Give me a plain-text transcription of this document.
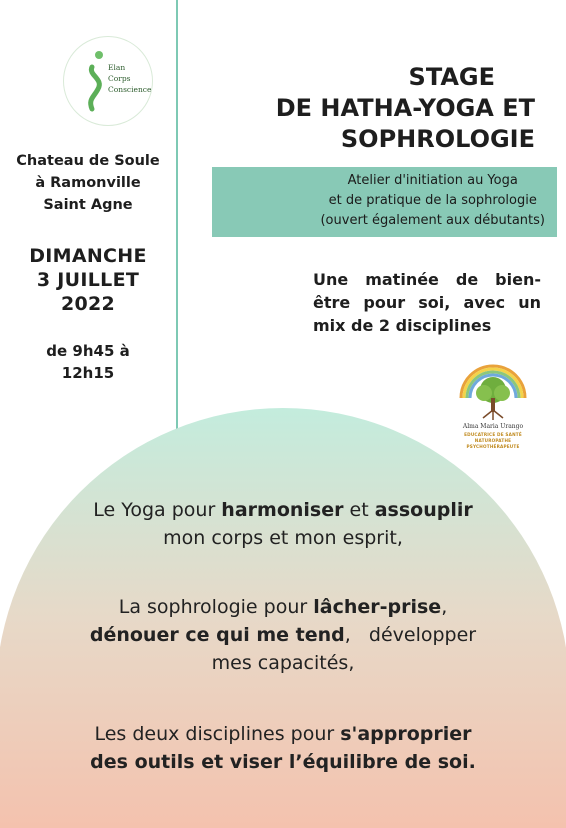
Elan
Corps
Conscience
Chateau de Soule
à Ramonville
Saint Agne
DIMANCHE
3 JUILLET
2022
de 9h45 à
12h15
STAGE
DE HATHA-YOGA ET
SOPHROLOGIE
Atelier d'initiation au Yoga
et de pratique de la sophrologie
(ouvert également aux débutants)
Une matinée de bien-
être pour soi, avec un
mix de 2 disciplines
Alma Maria Urango
EDUCATRICE DE SANTÉ
NATUROPATHE
PSYCHOTHÉRAPEUTE
Le Yoga pour harmoniser et assouplir
mon corps et mon esprit,
La sophrologie pour lâcher-prise,
dénouer ce qui me tend,   développer
mes capacités,
Les deux disciplines pour s'approprier
des outils et viser l’équilibre de soi.
